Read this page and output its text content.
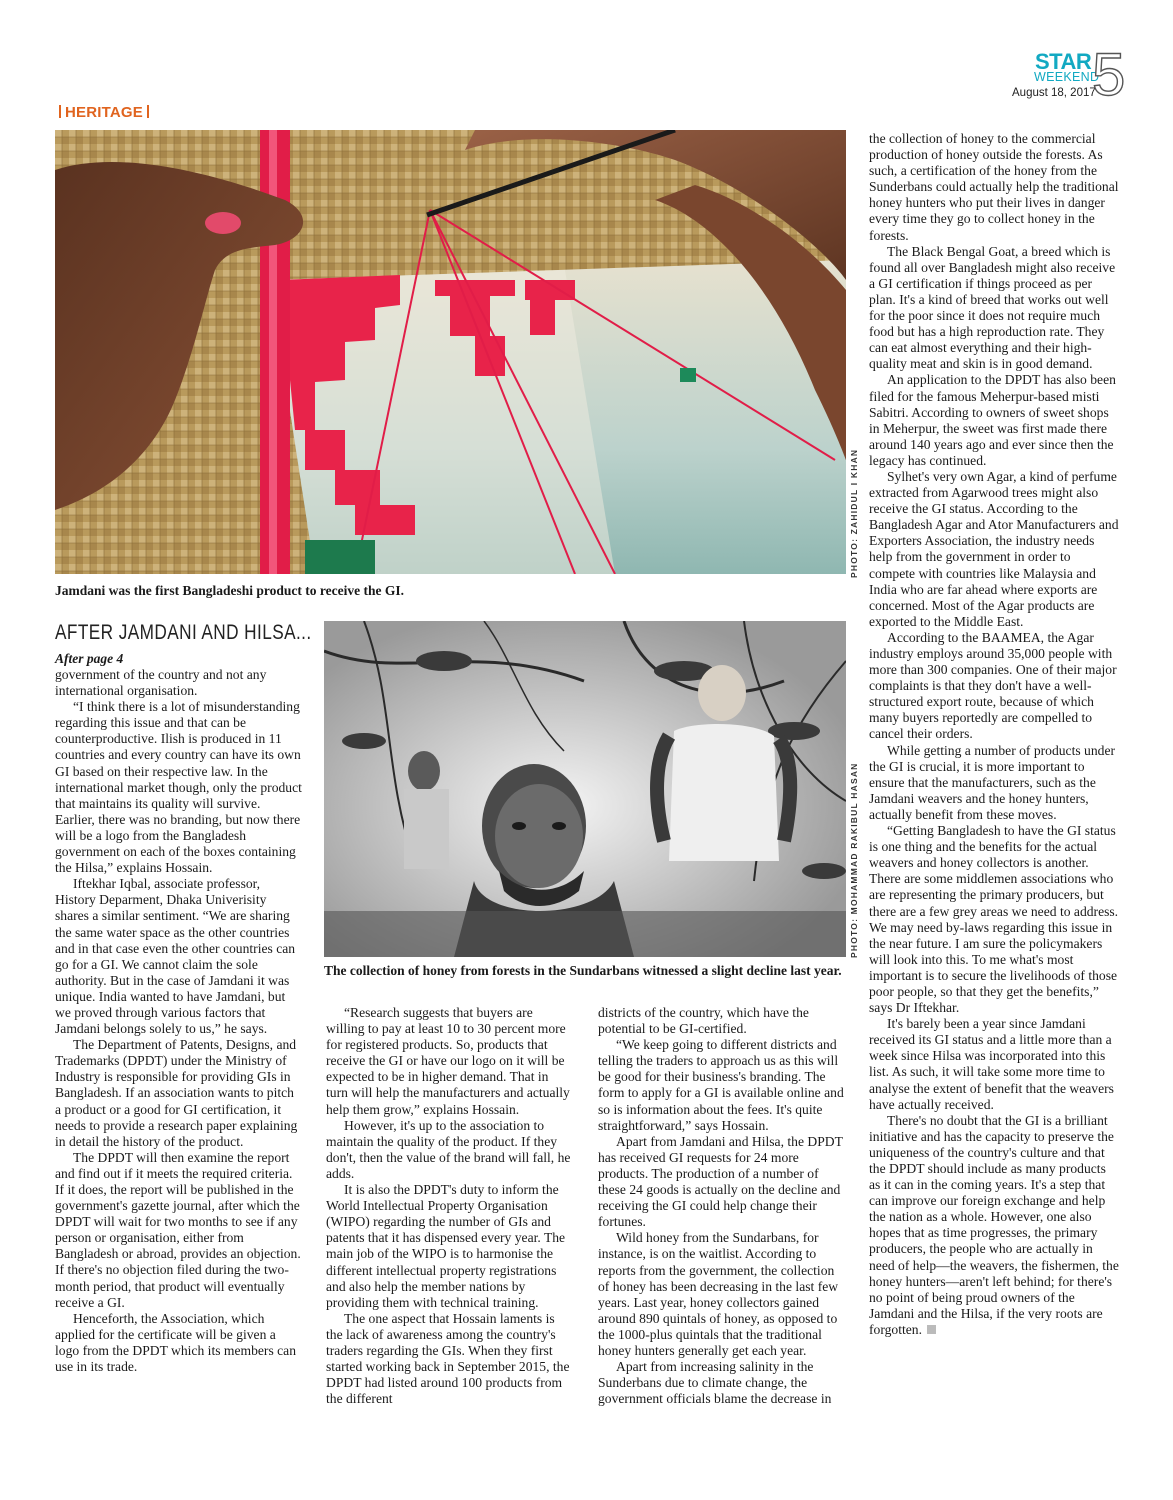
STAR
WEEKEND
August 18, 2017
5
HERITAGE
PHOTO: ZAHIDUL I KHAN
Jamdani was the first Bangladeshi product to receive the GI.
AFTER JAMDANI AND HILSA...
After page 4
PHOTO: MOHAMMAD RAKIBUL HASAN
The collection of honey from forests in the Sundarbans witnessed a slight decline last year.

government of the country and not any international organisation.

“I think there is a lot of misunderstanding regarding this issue and that can be counterproductive. Ilish is produced in 11 countries and every country can have its own GI based on their respective law. In the international market though, only the product that maintains its quality will survive. Earlier, there was no branding, but now there will be a logo from the Bangladesh government on each of the boxes containing the Hilsa,” explains Hossain.

Iftekhar Iqbal, associate professor, History Deparment, Dhaka Univerisity shares a similar sentiment. “We are sharing the same water space as the other countries and in that case even the other countries can go for a GI. We cannot claim the sole authority. But in the case of Jamdani it was unique. India wanted to have Jamdani, but we proved through various factors that Jamdani belongs solely to us,” he says.

The Department of Patents, Designs, and Trademarks (DPDT) under the Ministry of Industry is responsible for providing GIs in Bangladesh. If an association wants to pitch a product or a good for GI certification, it needs to provide a research paper explaining in detail the history of the product.

The DPDT will then examine the report and find out if it meets the required criteria. If it does, the report will be published in the government's gazette journal, after which the DPDT will wait for two months to see if any person or organisation, either from Bangladesh or abroad, provides an objection. If there's no objection filed during the two-month period, that product will eventually receive a GI.

Henceforth, the Association, which applied for the certificate will be given a logo from the DPDT which its members can use in its trade.

“Research suggests that buyers are willing to pay at least 10 to 30 percent more for registered products. So, products that receive the GI or have our logo on it will be expected to be in higher demand. That in turn will help the manufacturers and actually help them grow,” explains Hossain.

However, it's up to the association to maintain the quality of the product. If they don't, then the value of the brand will fall, he adds.

It is also the DPDT's duty to inform the World Intellectual Property Organisation (WIPO) regarding the number of GIs and patents that it has dispensed every year. The main job of the WIPO is to harmonise the different intellectual property registrations and also help the member nations by providing them with technical training.

The one aspect that Hossain laments is the lack of awareness among the country's traders regarding the GIs. When they first started working back in September 2015, the DPDT had listed around 100 products from the different

districts of the country, which have the potential to be GI-certified.

“We keep going to different districts and telling the traders to approach us as this will be good for their business's branding. The form to apply for a GI is available online and so is information about the fees. It's quite straightforward,” says Hossain.

Apart from Jamdani and Hilsa, the DPDT has received GI requests for 24 more products. The production of a number of these 24 goods is actually on the decline and receiving the GI could help change their fortunes.

Wild honey from the Sundarbans, for instance, is on the waitlist. According to reports from the government, the collection of honey has been decreasing in the last few years. Last year, honey collectors gained around 890 quintals of honey, as opposed to the 1000-plus quintals that the traditional honey hunters generally get each year.

Apart from increasing salinity in the Sunderbans due to climate change, the government officials blame the decrease in

the collection of honey to the commercial production of honey outside the forests. As such, a certification of the honey from the Sunderbans could actually help the traditional honey hunters who put their lives in danger every time they go to collect honey in the forests.

The Black Bengal Goat, a breed which is found all over Bangladesh might also receive a GI certification if things proceed as per plan. It's a kind of breed that works out well for the poor since it does not require much food but has a high reproduction rate. They can eat almost everything and their high-quality meat and skin is in good demand.

An application to the DPDT has also been filed for the famous Meherpur-based misti Sabitri. According to owners of sweet shops in Meherpur, the sweet was first made there around 140 years ago and ever since then the legacy has continued.

Sylhet's very own Agar, a kind of perfume extracted from Agarwood trees might also receive the GI status. According to the Bangladesh Agar and Ator Manufacturers and Exporters Association, the industry needs help from the government in order to compete with countries like Malaysia and India who are far ahead where exports are concerned. Most of the Agar products are exported to the Middle East.

According to the BAAMEA, the Agar industry employs around 35,000 people with more than 300 companies. One of their major complaints is that they don't have a well-structured export route, because of which many buyers reportedly are compelled to cancel their orders.

While getting a number of products under the GI is crucial, it is more important to ensure that the manufacturers, such as the Jamdani weavers and the honey hunters, actually benefit from these moves.

“Getting Bangladesh to have the GI status is one thing and the benefits for the actual weavers and honey collectors is another. There are some middlemen associations who are representing the primary producers, but there are a few grey areas we need to address. We may need by-laws regarding this issue in the near future. I am sure the policymakers will look into this. To me what's most important is to secure the livelihoods of those poor people, so that they get the benefits,” says Dr Iftekhar.

It's barely been a year since Jamdani received its GI status and a little more than a week since Hilsa was incorporated into this list. As such, it will take some more time to analyse the extent of benefit that the weavers have actually received.

There's no doubt that the GI is a brilliant initiative and has the capacity to preserve the uniqueness of the country's culture and that the DPDT should include as many products as it can in the coming years. It's a step that can improve our foreign exchange and help the nation as a whole. However, one also hopes that as time progresses, the primary producers, the people who are actually in need of help—the weavers, the fishermen, the honey hunters—aren't left behind; for there's no point of being proud owners of the Jamdani and the Hilsa, if the very roots are forgotten.
